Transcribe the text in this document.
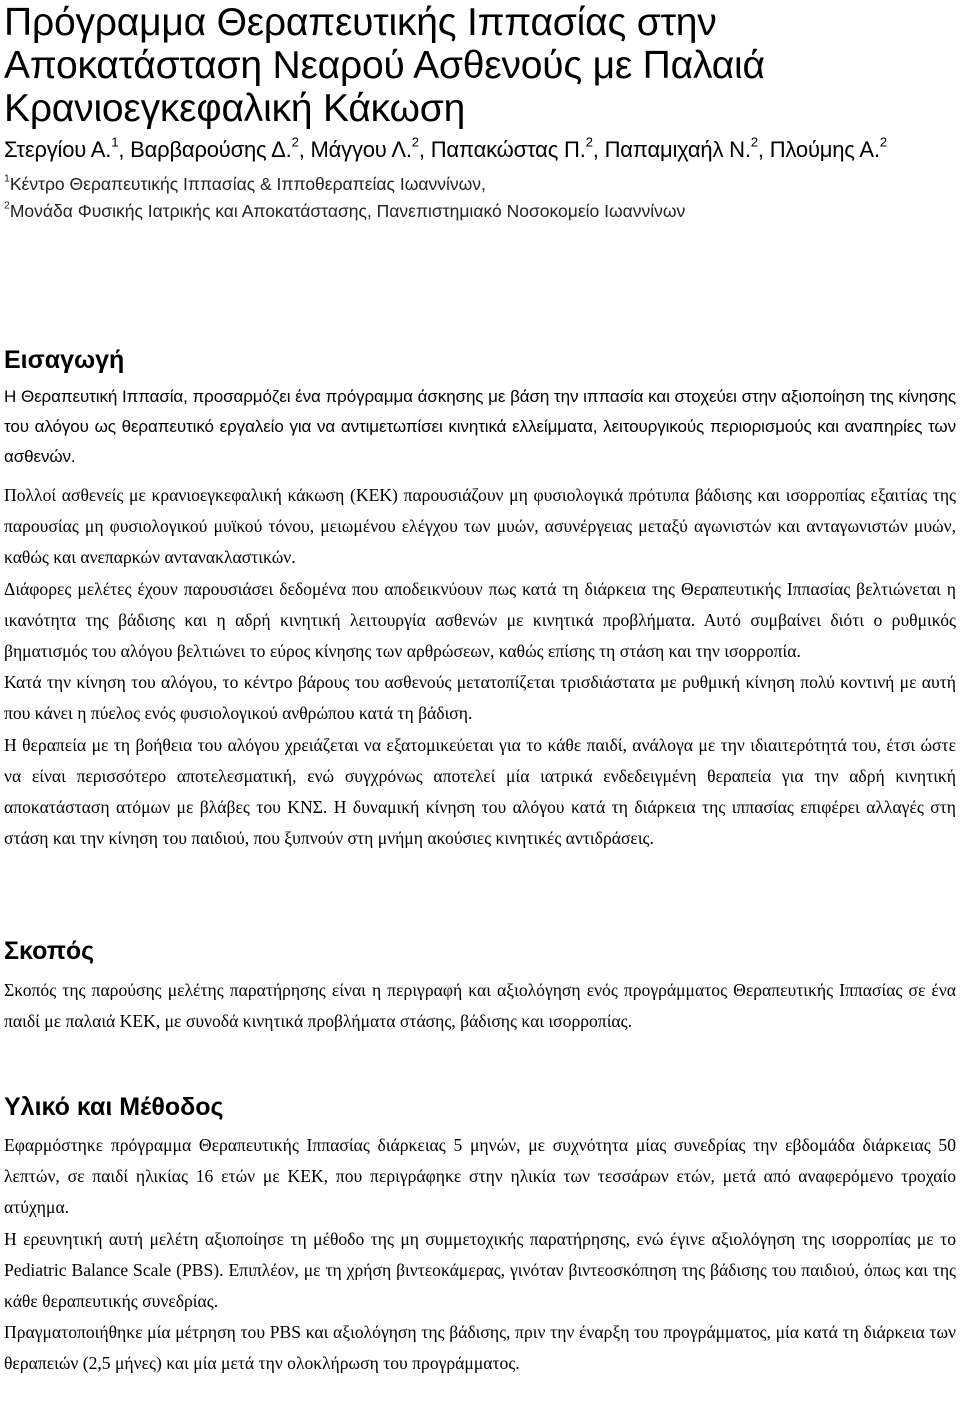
Πρόγραμμα Θεραπευτικής Ιππασίας στην Αποκατάσταση Νεαρού Ασθενούς με Παλαιά Κρανιοεγκεφαλική Κάκωση
Στεργίου Α.$^1$, Βαρβαρούσης Δ.$^2$, Μάγγου Λ.$^2$, Παπακώστας Π.$^2$, Παπαμιχαήλ Ν.$^2$, Πλούμης Α.$^2$
$^1$Κέντρο Θεραπευτικής Ιππασίας & Ιπποθεραπείας Ιωαννίνων,
$^2$Μονάδα Φυσικής Ιατρικής και Αποκατάστασης, Πανεπιστημιακό Νοσοκομείο Ιωαννίνων
Εισαγωγή

Η Θεραπευτική Ιππασία, προσαρμόζει ένα πρόγραμμα άσκησης με βάση την ιππασία και στοχεύει στην αξιοποίηση της κίνησης του αλόγου ως θεραπευτικό εργαλείο για να αντιμετωπίσει κινητικά ελλείμματα, λειτουργικούς περιορισμούς και αναπηρίες των ασθενών.

Πολλοί ασθενείς με κρανιοεγκεφαλική κάκωση (ΚΕΚ) παρουσιάζουν μη φυσιολογικά πρότυπα βάδισης και ισορροπίας εξαιτίας της παρουσίας μη φυσιολογικού μυϊκού τόνου, μειωμένου ελέγχου των μυών, ασυνέργειας μεταξύ αγωνιστών και ανταγωνιστών μυών, καθώς και ανεπαρκών αντανακλαστικών.

Διάφορες μελέτες έχουν παρουσιάσει δεδομένα που αποδεικνύουν πως κατά τη διάρκεια της Θεραπευτικής Ιππασίας βελτιώνεται η ικανότητα της βάδισης και η αδρή κινητική λειτουργία ασθενών με κινητικά προβλήματα. Αυτό συμβαίνει διότι ο ρυθμικός βηματισμός του αλόγου βελτιώνει το εύρος κίνησης των αρθρώσεων, καθώς επίσης τη στάση και την ισορροπία.

Κατά την κίνηση του αλόγου, το κέντρο βάρους του ασθενούς μετατοπίζεται τρισδιάστατα με ρυθμική κίνηση πολύ κοντινή με αυτή που κάνει η πύελος ενός φυσιολογικού ανθρώπου κατά τη βάδιση.

Η θεραπεία με τη βοήθεια του αλόγου χρειάζεται να εξατομικεύεται για το κάθε παιδί, ανάλογα με την ιδιαιτερότητά του, έτσι ώστε να είναι περισσότερο αποτελεσματική, ενώ συγχρόνως αποτελεί μία ιατρικά ενδεδειγμένη θεραπεία για την αδρή κινητική αποκατάσταση ατόμων με βλάβες του ΚΝΣ. Η δυναμική κίνηση του αλόγου κατά τη διάρκεια της ιππασίας επιφέρει αλλαγές στη στάση και την κίνηση του παιδιού, που ξυπνούν στη μνήμη ακούσιες κινητικές αντιδράσεις.

Σκοπός

Σκοπός της παρούσης μελέτης παρατήρησης είναι η περιγραφή και αξιολόγηση ενός προγράμματος Θεραπευτικής Ιππασίας σε ένα παιδί με παλαιά ΚΕΚ, με συνοδά κινητικά προβλήματα στάσης, βάδισης και ισορροπίας.

Υλικό και Μέθοδος

Εφαρμόστηκε πρόγραμμα Θεραπευτικής Ιππασίας διάρκειας 5 μηνών, με συχνότητα μίας συνεδρίας την εβδομάδα διάρκειας 50 λεπτών, σε παιδί ηλικίας 16 ετών με ΚΕΚ, που περιγράφηκε στην ηλικία των τεσσάρων ετών, μετά από αναφερόμενο τροχαίο ατύχημα.

Η ερευνητική αυτή μελέτη αξιοποίησε τη μέθοδο της μη συμμετοχικής παρατήρησης, ενώ έγινε αξιολόγηση της ισορροπίας με το Pediatric Balance Scale (PBS). Επιπλέον, με τη χρήση βιντεοκάμερας, γινόταν βιντεοσκόπηση της βάδισης του παιδιού, όπως και της κάθε θεραπευτικής συνεδρίας.

Πραγματοποιήθηκε μία μέτρηση του PBS και αξιολόγηση της βάδισης, πριν την έναρξη του προγράμματος, μία κατά τη διάρκεια των θεραπειών (2,5 μήνες) και μία μετά την ολοκλήρωση του προγράμματος.
